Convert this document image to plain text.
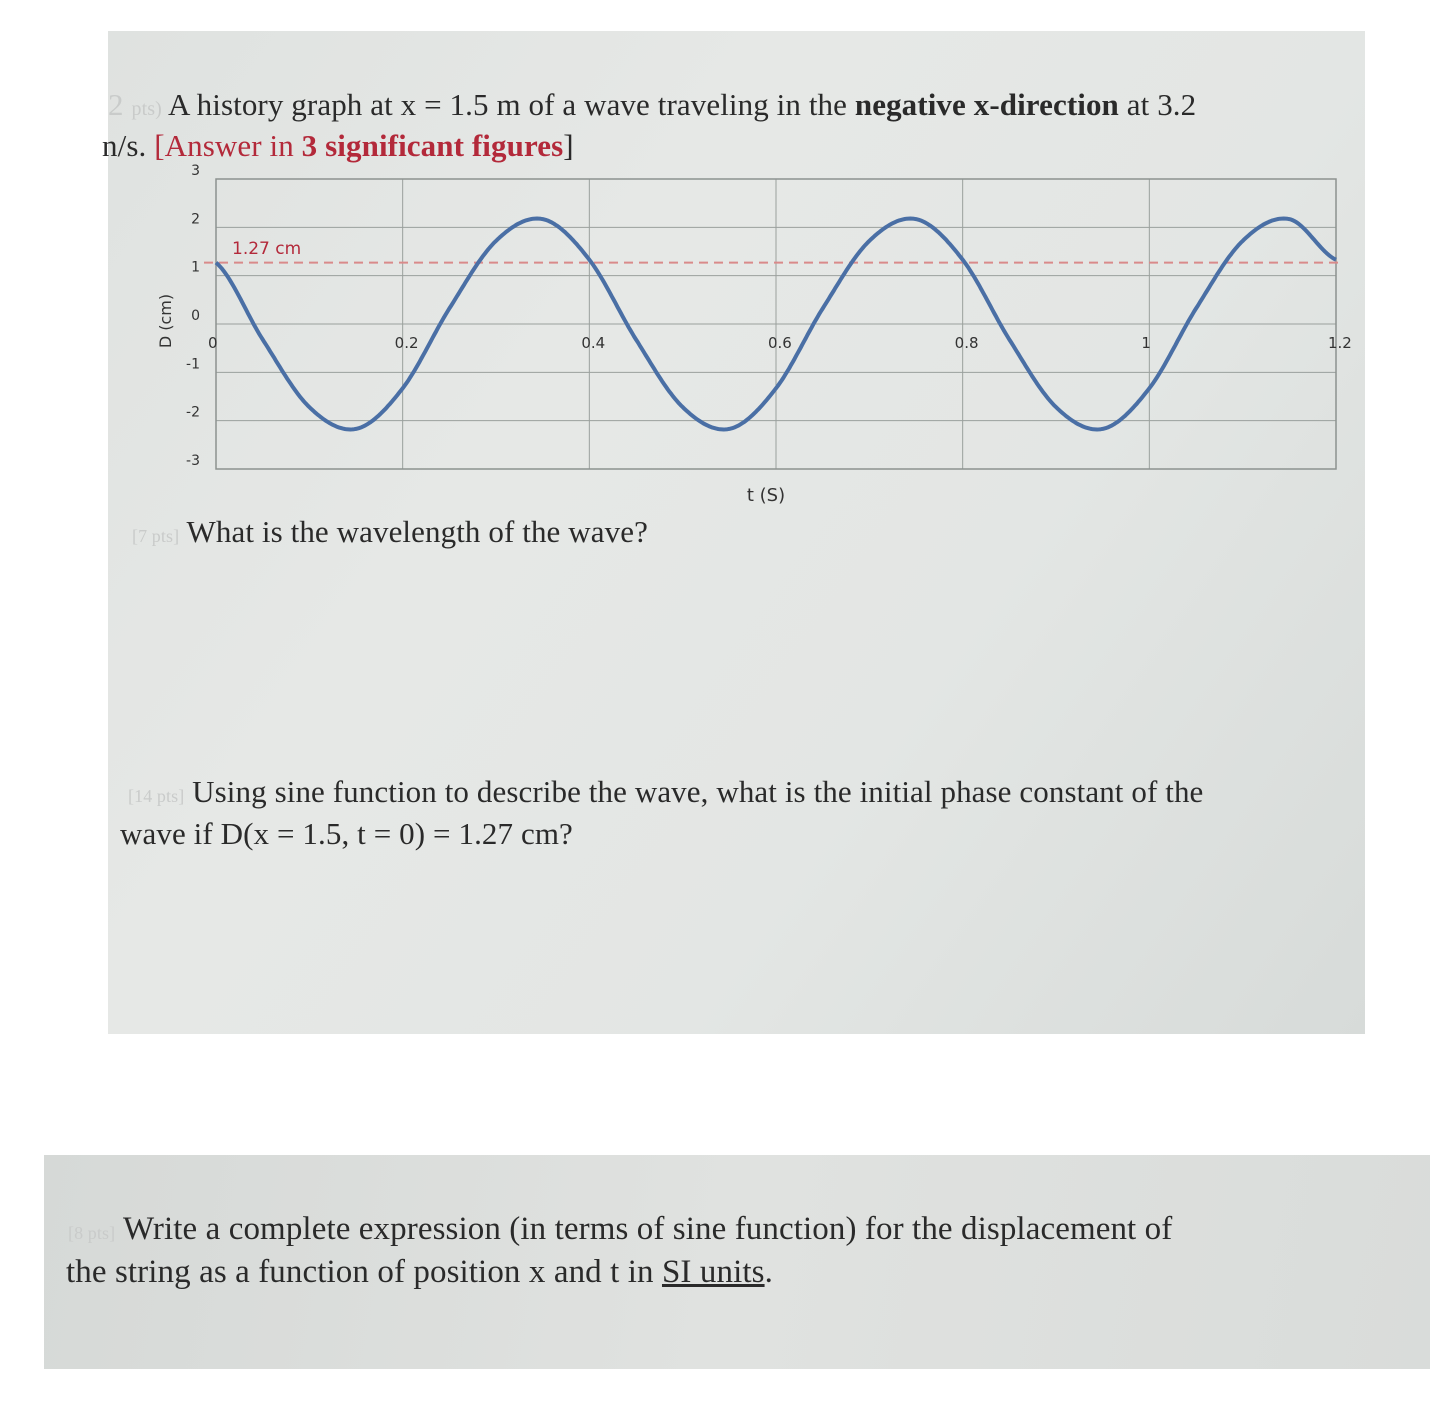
2 pts) A history graph at x = 1.5 m of a wave traveling in the negative x-direction at 3.2
n/s. [Answer in 3 significant figures]
3
2
1
0
-1
-2
-3
0	0.2	0.4	0.6	0.8	1	1.2
1.27 cm
D (cm)
t (S)
[7 pts] What is the wavelength of the wave?
[14 pts] Using sine function to describe the wave, what is the initial phase constant of the
wave if D(x = 1.5, t = 0) = 1.27 cm?
[8 pts] Write a complete expression (in terms of sine function) for the displacement of
the string as a function of position x and t in SI units.
